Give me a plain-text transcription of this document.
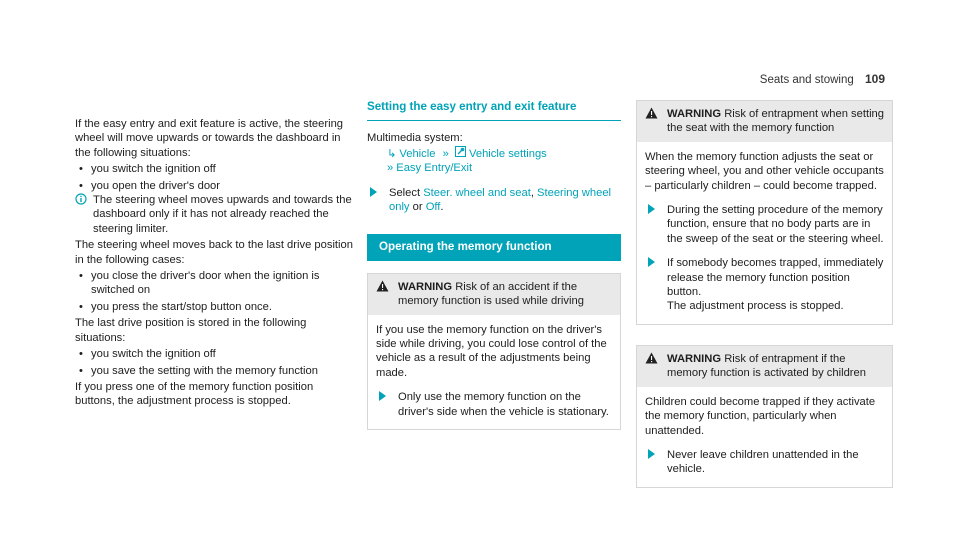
Seats and stowing 109

If the easy entry and exit feature is active, the steering wheel will move upwards or towards the dashboard in the following situations:

• you switch the ignition off
• you open the driver's door
The steering wheel moves upwards and towards the dashboard only if it has not already reached the steering limiter.

The steering wheel moves back to the last drive position in the following cases:

• you close the driver's door when the ignition is switched on
• you press the start/stop button once.

The last drive position is stored in the following situations:

• you switch the ignition off
• you save the setting with the memory function

If you press one of the memory function position buttons, the adjustment process is stopped.

Setting the easy entry and exit feature

Multimedia system:

↳ Vehicle » Vehicle settings
» Easy Entry/Exit
Select Steer. wheel and seat, Steering wheel only or Off.
Operating the memory function
WARNING Risk of an accident if the memory function is used while driving

If you use the memory function on the driver's side while driving, you could lose control of the vehicle as a result of the adjustments being made.

Only use the memory function on the driver's side when the vehicle is stationary.
WARNING Risk of entrapment when setting the seat with the memory function

When the memory function adjusts the seat or steering wheel, you and other vehicle occupants – particularly children – could become trapped.

During the setting procedure of the memory function, ensure that no body parts are in the sweep of the seat or the steering wheel.
If somebody becomes trapped, immediately release the memory function position button.
The adjustment process is stopped.
WARNING Risk of entrapment if the memory function is activated by children

Children could become trapped if they activate the memory function, particularly when unattended.

Never leave children unattended in the vehicle.
